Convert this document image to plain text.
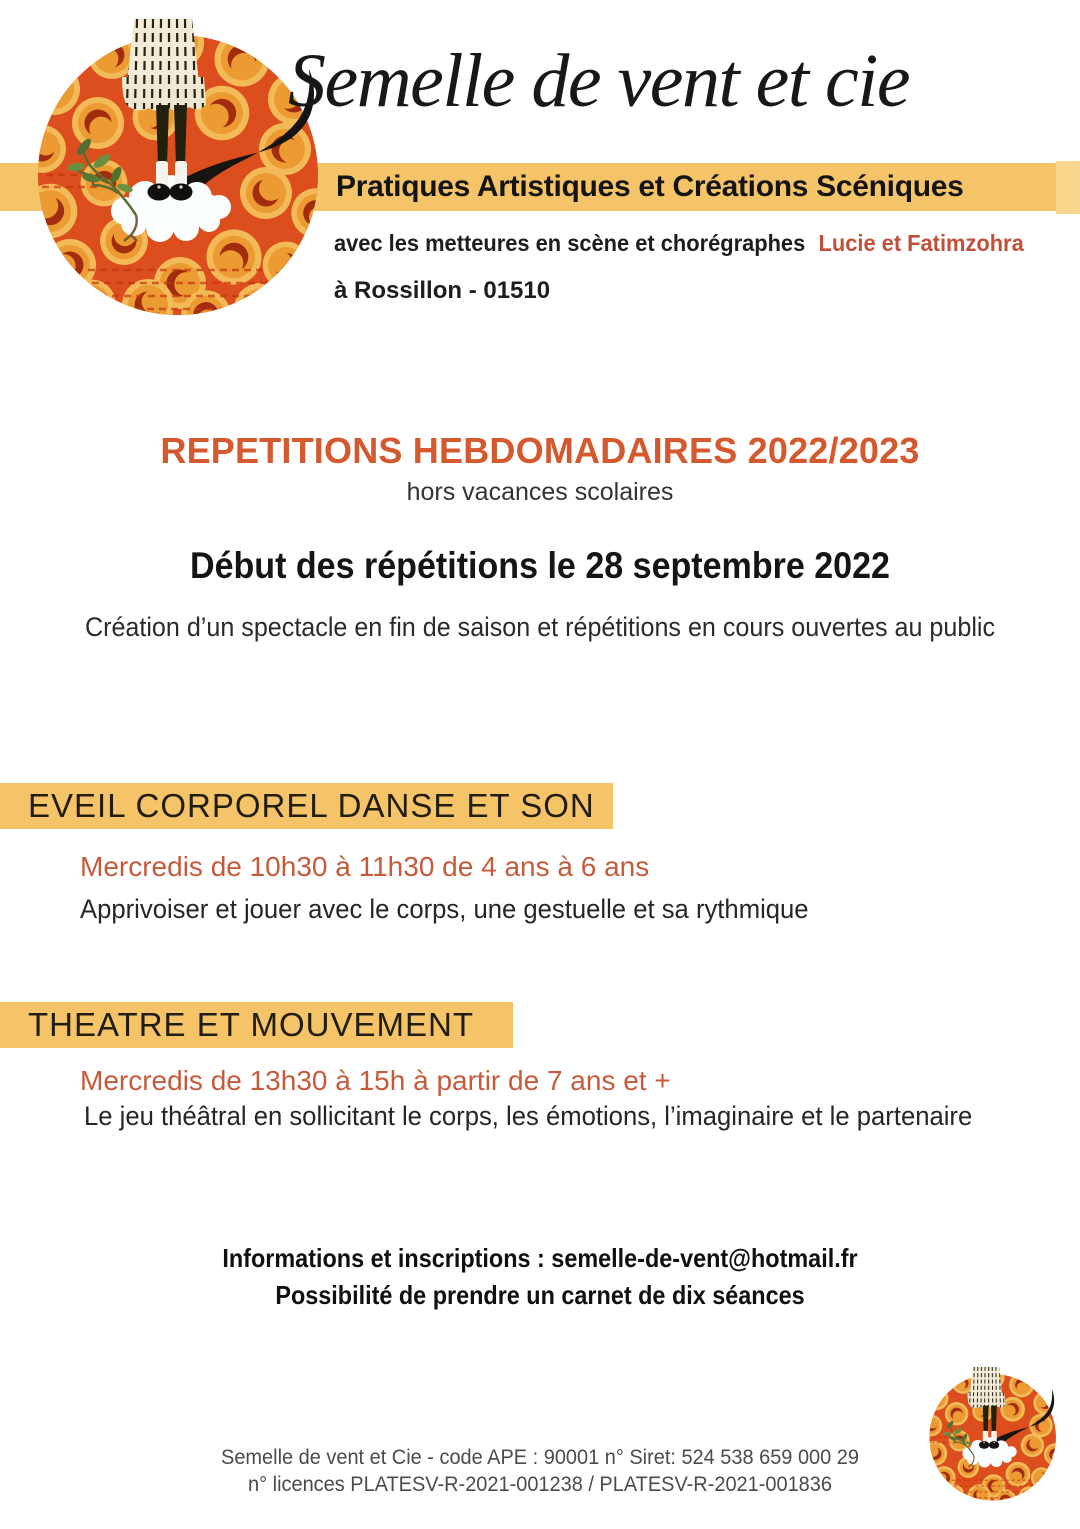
Semelle de vent et cie
Pratiques Artistiques et Créations Scéniques
avec les metteures en scène et chorégraphes Lucie et Fatimzohra
à Rossillon - 01510
REPETITIONS HEBDOMADAIRES 2022/2023
hors vacances scolaires
Début des répétitions le 28 septembre 2022
Création d’un spectacle en fin de saison et répétitions en cours ouvertes au public
EVEIL CORPOREL DANSE ET SON
Mercredis de 10h30 à 11h30 de 4 ans à 6 ans
Apprivoiser et jouer avec le corps, une gestuelle et sa rythmique
THEATRE ET MOUVEMENT
Mercredis de 13h30 à 15h à partir de 7 ans et +
Le jeu théâtral en sollicitant le corps, les émotions, l’imaginaire et le partenaire
Informations et inscriptions : semelle-de-vent@hotmail.fr
Possibilité de prendre un carnet de dix séances
Semelle de vent et Cie - code APE : 90001 n° Siret: 524 538 659 000 29
n° licences PLATESV-R-2021-001238 / PLATESV-R-2021-001836
